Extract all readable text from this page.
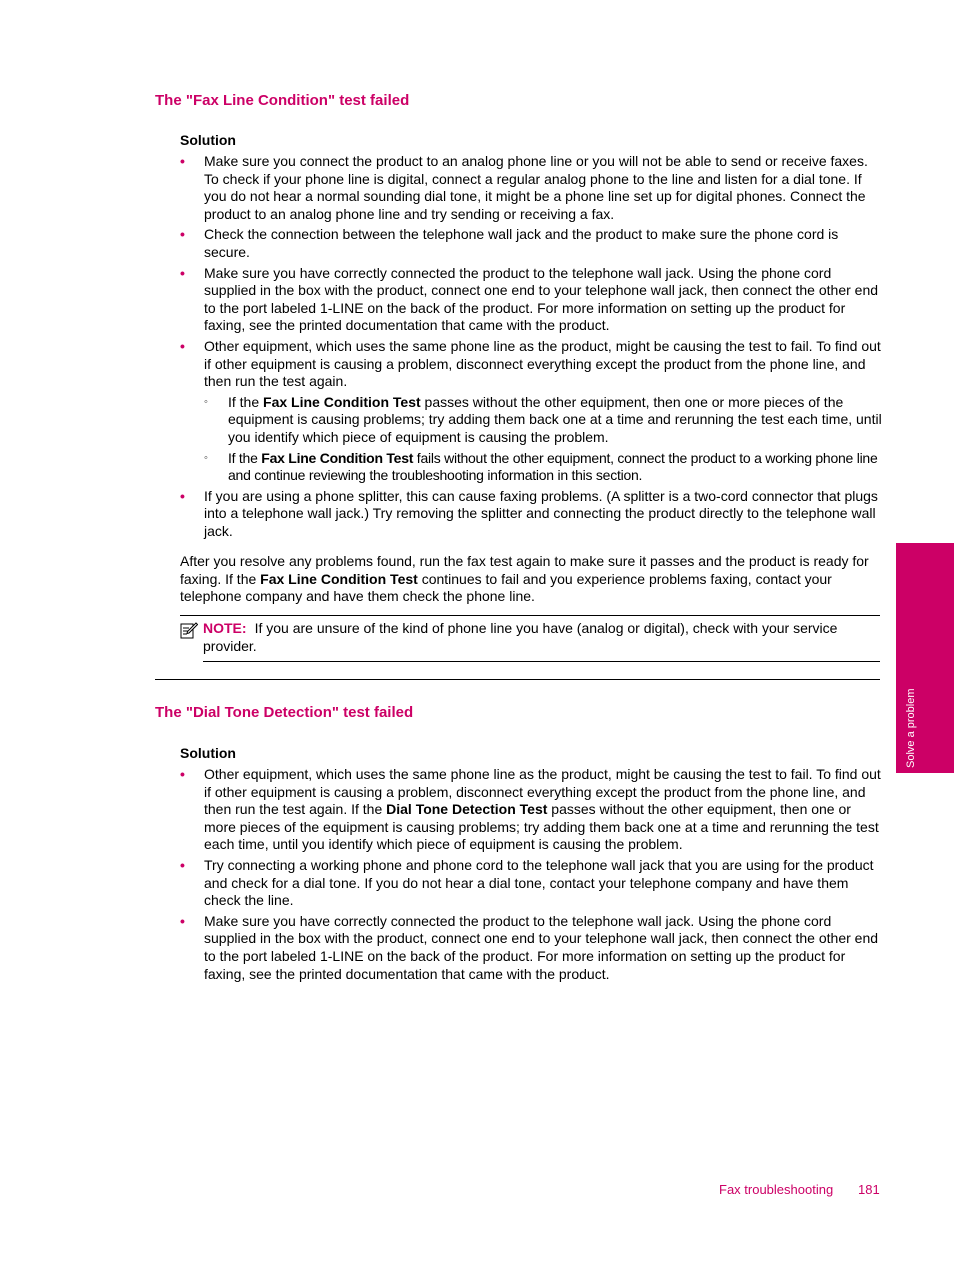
The "Fax Line Condition" test failed
Solution
• Make sure you connect the product to an analog phone line or you will not be able to send or receive faxes. To check if your phone line is digital, connect a regular analog phone to the line and listen for a dial tone. If you do not hear a normal sounding dial tone, it might be a phone line set up for digital phones. Connect the product to an analog phone line and try sending or receiving a fax.
• Check the connection between the telephone wall jack and the product to make sure the phone cord is secure.
• Make sure you have correctly connected the product to the telephone wall jack. Using the phone cord supplied in the box with the product, connect one end to your telephone wall jack, then connect the other end to the port labeled 1-LINE on the back of the product. For more information on setting up the product for faxing, see the printed documentation that came with the product.
• Other equipment, which uses the same phone line as the product, might be causing the test to fail. To find out if other equipment is causing a problem, disconnect everything except the product from the phone line, and then run the test again.
◦ If the Fax Line Condition Test passes without the other equipment, then one or more pieces of the equipment is causing problems; try adding them back one at a time and rerunning the test each time, until you identify which piece of equipment is causing the problem.
◦ If the Fax Line Condition Test fails without the other equipment, connect the product to a working phone line and continue reviewing the troubleshooting information in this section.
• If you are using a phone splitter, this can cause faxing problems. (A splitter is a two-cord connector that plugs into a telephone wall jack.) Try removing the splitter and connecting the product directly to the telephone wall jack.
After you resolve any problems found, run the fax test again to make sure it passes and the product is ready for faxing. If the Fax Line Condition Test continues to fail and you experience problems faxing, contact your telephone company and have them check the phone line.
NOTE: If you are unsure of the kind of phone line you have (analog or digital), check with your service provider.
The "Dial Tone Detection" test failed
Solution
• Other equipment, which uses the same phone line as the product, might be causing the test to fail. To find out if other equipment is causing a problem, disconnect everything except the product from the phone line, and then run the test again. If the Dial Tone Detection Test passes without the other equipment, then one or more pieces of the equipment is causing problems; try adding them back one at a time and rerunning the test each time, until you identify which piece of equipment is causing the problem.
• Try connecting a working phone and phone cord to the telephone wall jack that you are using for the product and check for a dial tone. If you do not hear a dial tone, contact your telephone company and have them check the line.
• Make sure you have correctly connected the product to the telephone wall jack. Using the phone cord supplied in the box with the product, connect one end to your telephone wall jack, then connect the other end to the port labeled 1-LINE on the back of the product. For more information on setting up the product for faxing, see the printed documentation that came with the product.
Solve a problem
Fax troubleshooting 181
